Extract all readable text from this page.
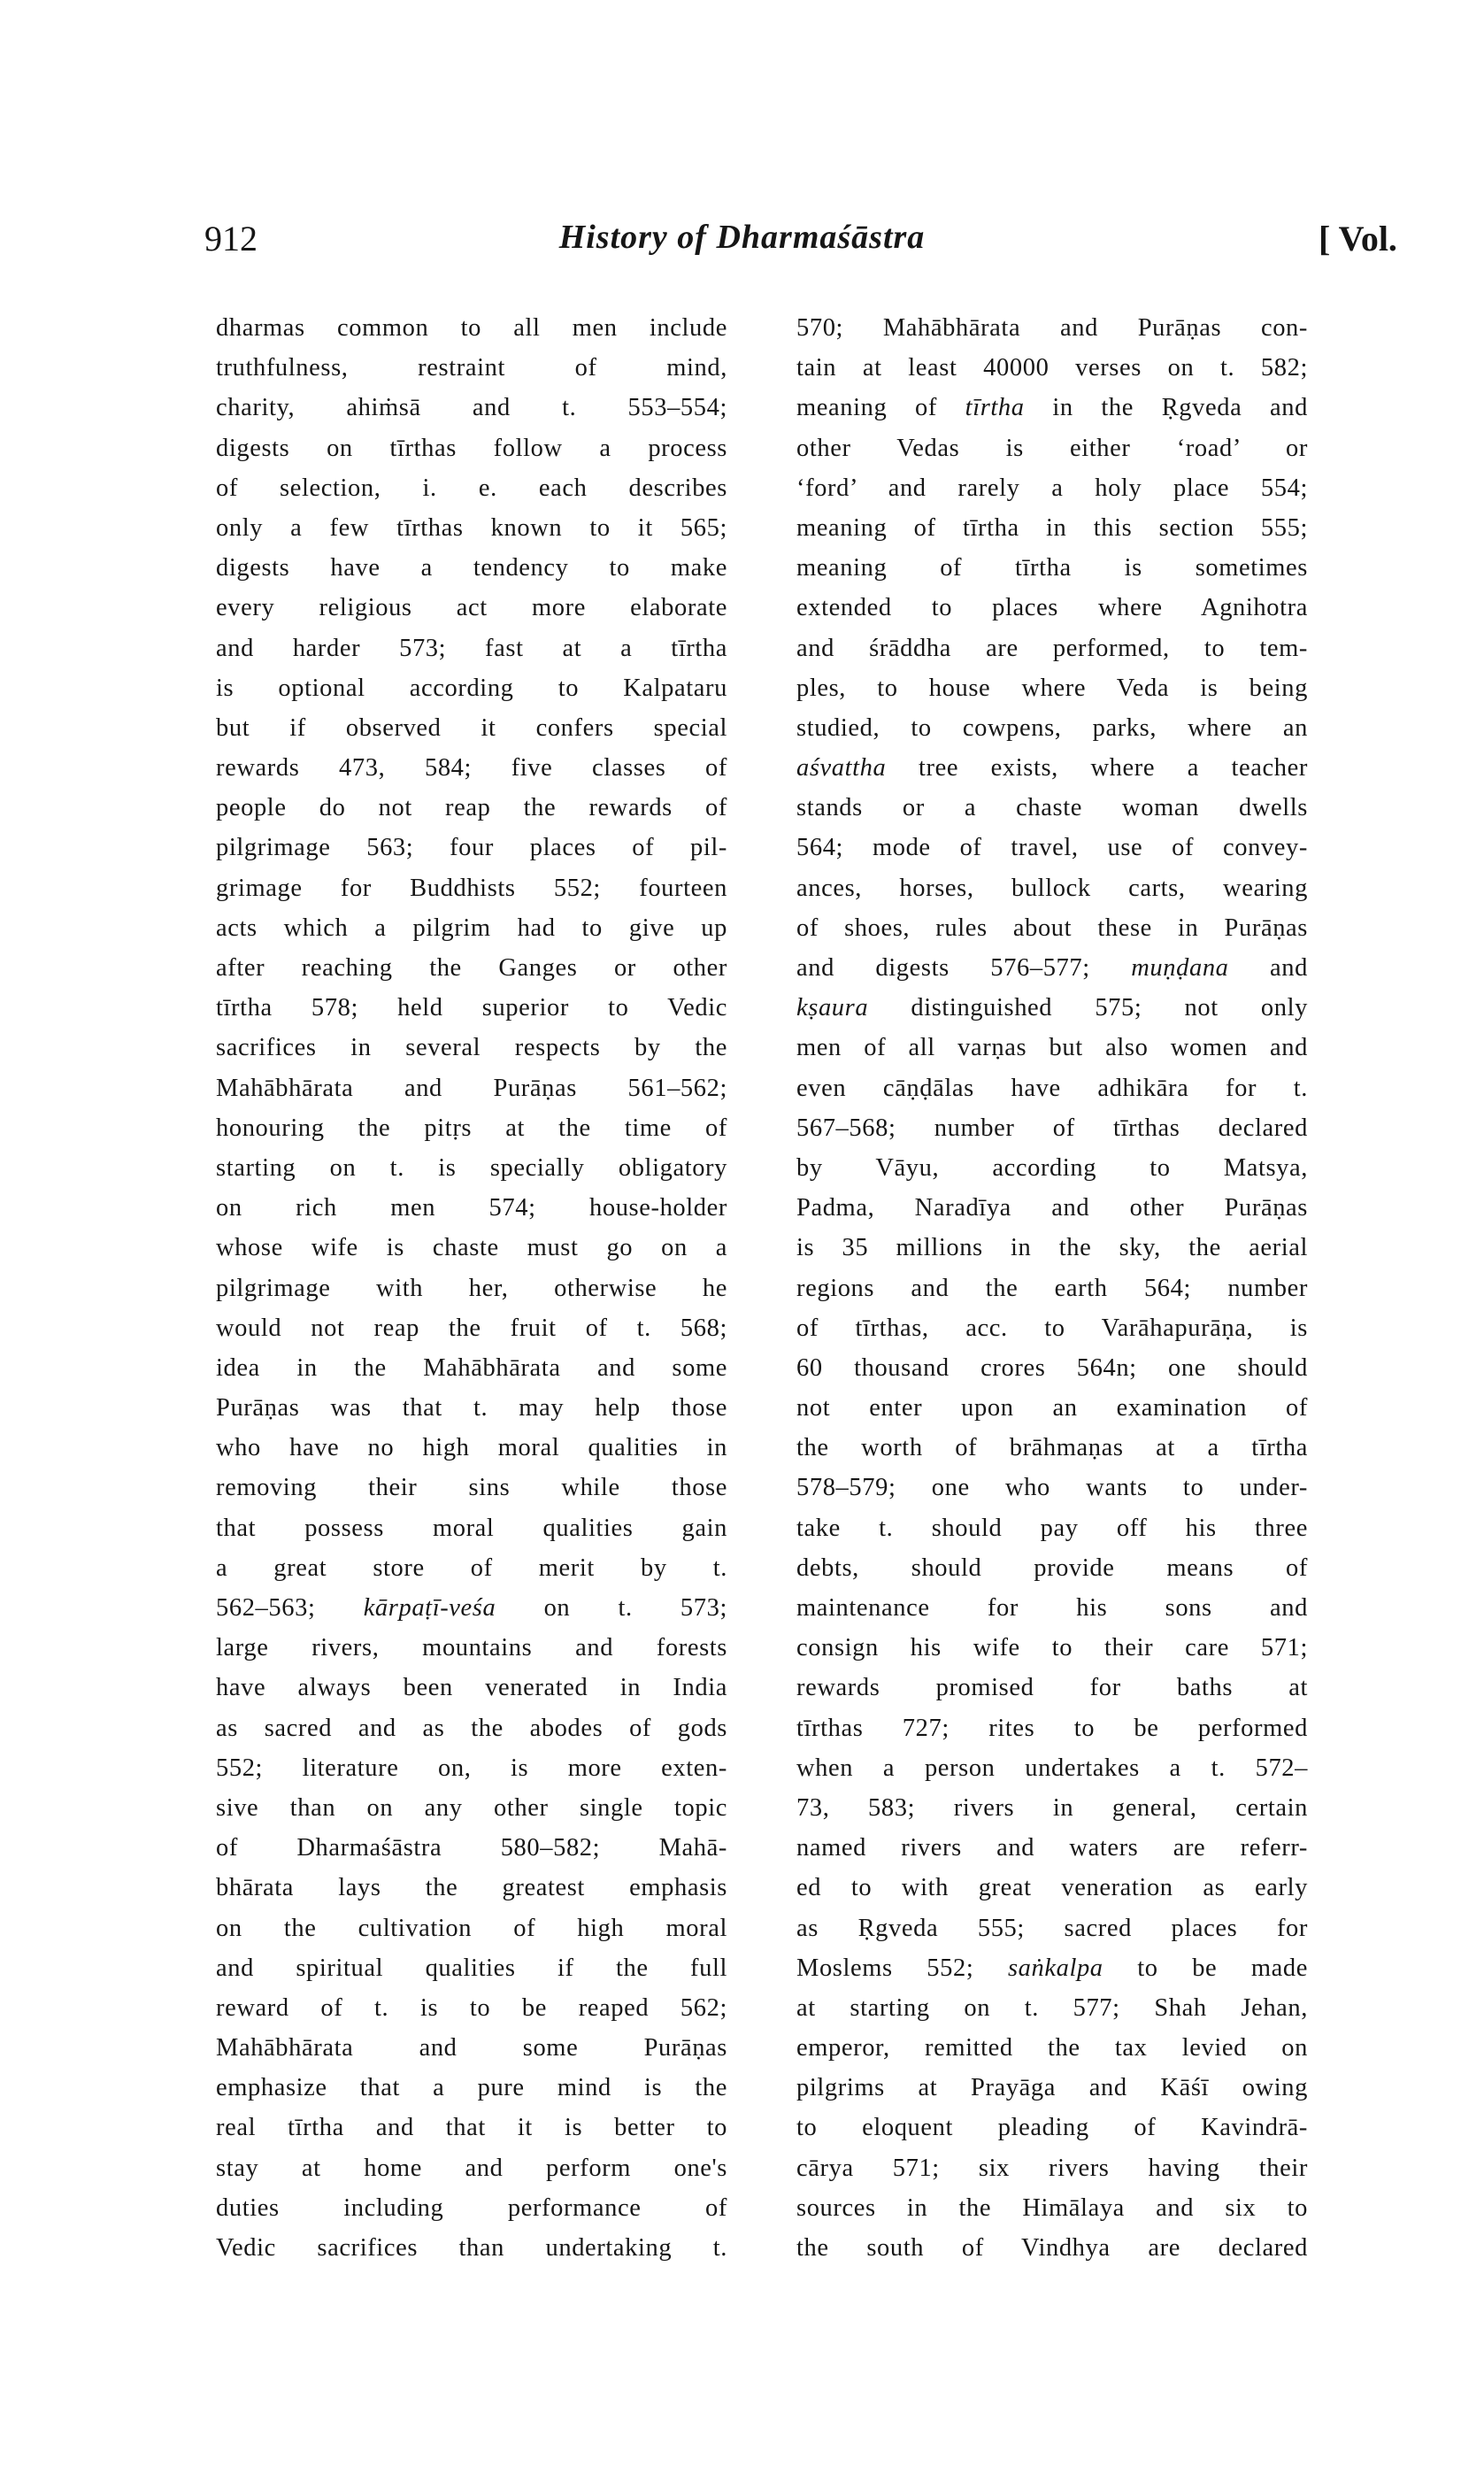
912	History of Dharmaśāstra	[ Vol.
dharmas common to all men include
truthfulness, restraint of mind,
charity, ahiṁsā and t. 553–554;
digests on tīrthas follow a process
of selection, i. e. each describes
only a few tīrthas known to it 565;
digests have a tendency to make
every religious act more elaborate
and harder 573; fast at a tīrtha
is optional according to Kalpataru
but if observed it confers special
rewards 473, 584; five classes of
people do not reap the rewards of
pilgrimage 563; four places of pil-
grimage for Buddhists 552; fourteen
acts which a pilgrim had to give up
after reaching the Ganges or other
tīrtha 578; held superior to Vedic
sacrifices in several respects by the
Mahābhārata and Purāṇas 561–562;
honouring the pitṛs at the time of
starting on t. is specially obligatory
on rich men 574; house-holder
whose wife is chaste must go on a
pilgrimage with her, otherwise he
would not reap the fruit of t. 568;
idea in the Mahābhārata and some
Purāṇas was that t. may help those
who have no high moral qualities in
removing their sins while those
that possess moral qualities gain
a great store of merit by t.
562–563; kārpaṭī-veśa on t. 573;
large rivers, mountains and forests
have always been venerated in India
as sacred and as the abodes of gods
552; literature on, is more exten-
sive than on any other single topic
of Dharmaśāstra 580–582; Mahā-
bhārata lays the greatest emphasis
on the cultivation of high moral
and spiritual qualities if the full
reward of t. is to be reaped 562;
Mahābhārata and some Purāṇas
emphasize that a pure mind is the
real tīrtha and that it is better to
stay at home and perform one's
duties including performance of
Vedic sacrifices than undertaking t.
570; Mahābhārata and Purāṇas con-
tain at least 40000 verses on t. 582;
meaning of tīrtha in the Ṛgveda and
other Vedas is either ‘road’ or
‘ford’ and rarely a holy place 554;
meaning of tīrtha in this section 555;
meaning of tīrtha is sometimes
extended to places where Agnihotra
and śrāddha are performed, to tem-
ples, to house where Veda is being
studied, to cowpens, parks, where an
aśvattha tree exists, where a teacher
stands or a chaste woman dwells
564; mode of travel, use of convey-
ances, horses, bullock carts, wearing
of shoes, rules about these in Purāṇas
and digests 576–577; muṇḍana and
kṣaura distinguished 575; not only
men of all varṇas but also women and
even cāṇḍālas have adhikāra for t.
567–568; number of tīrthas declared
by Vāyu, according to Matsya,
Padma, Naradīya and other Purāṇas
is 35 millions in the sky, the aerial
regions and the earth 564; number
of tīrthas, acc. to Varāhapurāṇa, is
60 thousand crores 564n; one should
not enter upon an examination of
the worth of brāhmaṇas at a tīrtha
578–579; one who wants to under-
take t. should pay off his three
debts, should provide means of
maintenance for his sons and
consign his wife to their care 571;
rewards promised for baths at
tīrthas 727; rites to be performed
when a person undertakes a t. 572–
73, 583; rivers in general, certain
named rivers and waters are referr-
ed to with great veneration as early
as Ṛgveda 555; sacred places for
Moslems 552; saṅkalpa to be made
at starting on t. 577; Shah Jehan,
emperor, remitted the tax levied on
pilgrims at Prayāga and Kāśī owing
to eloquent pleading of Kavindrā-
cārya 571; six rivers having their
sources in the Himālaya and six to
the south of Vindhya are declared
